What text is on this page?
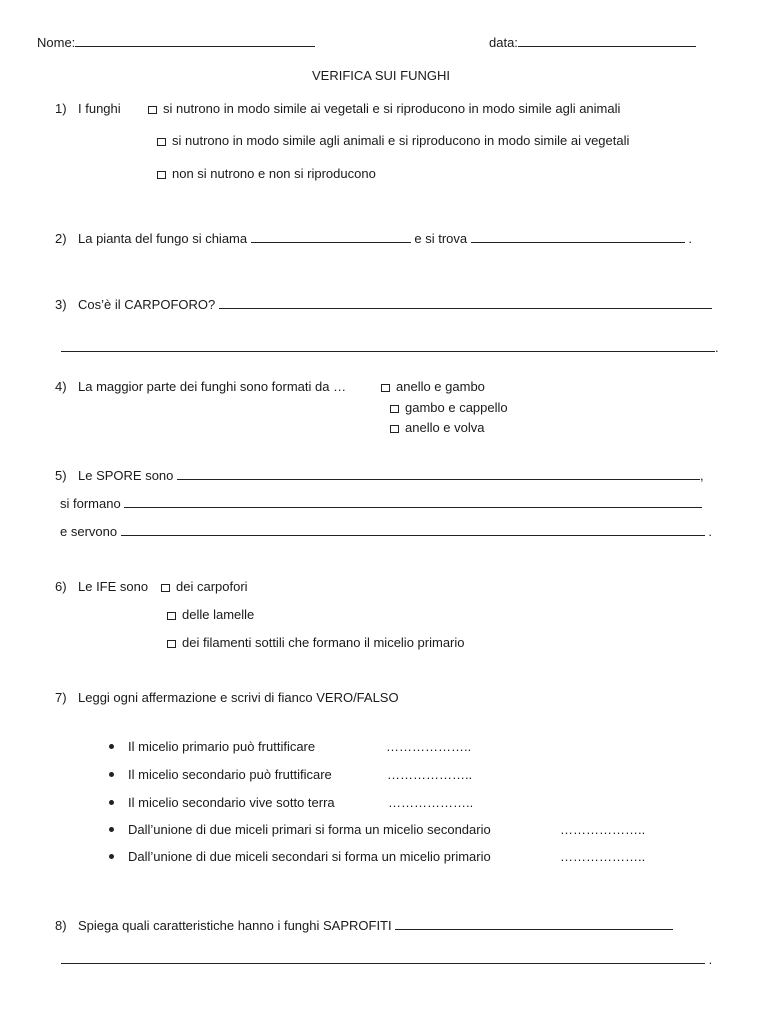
Nome:	data:
VERIFICA SUI FUNGHI
1) I funghi	si nutrono in modo simile ai vegetali e si riproducono in modo simile agli animali
si nutrono in modo simile agli animali e si riproducono in modo simile ai vegetali
non si nutrono e non si riproducono
2) La pianta del fungo si chiama	e si trova	.
3) Cos’è il CARPOFORO?
.
4) La maggior parte dei funghi sono formati da …	anello e gambo
gambo e cappello
anello e volva
5) Le SPORE sono	,
si formano
e servono	.
6) Le IFE sono	dei carpofori
delle lamelle
dei filamenti sottili che formano il micelio primario
7) Leggi ogni affermazione e scrivi di fianco VERO/FALSO
Il micelio primario può fruttificare	………………..
Il micelio secondario può fruttificare	………………..
Il micelio secondario vive sotto terra	………………..
Dall’unione di due miceli primari si forma un micelio secondario	………………..
Dall’unione di due miceli secondari si forma un micelio primario	………………..
8) Spiega quali caratteristiche hanno i funghi SAPROFITI
.
